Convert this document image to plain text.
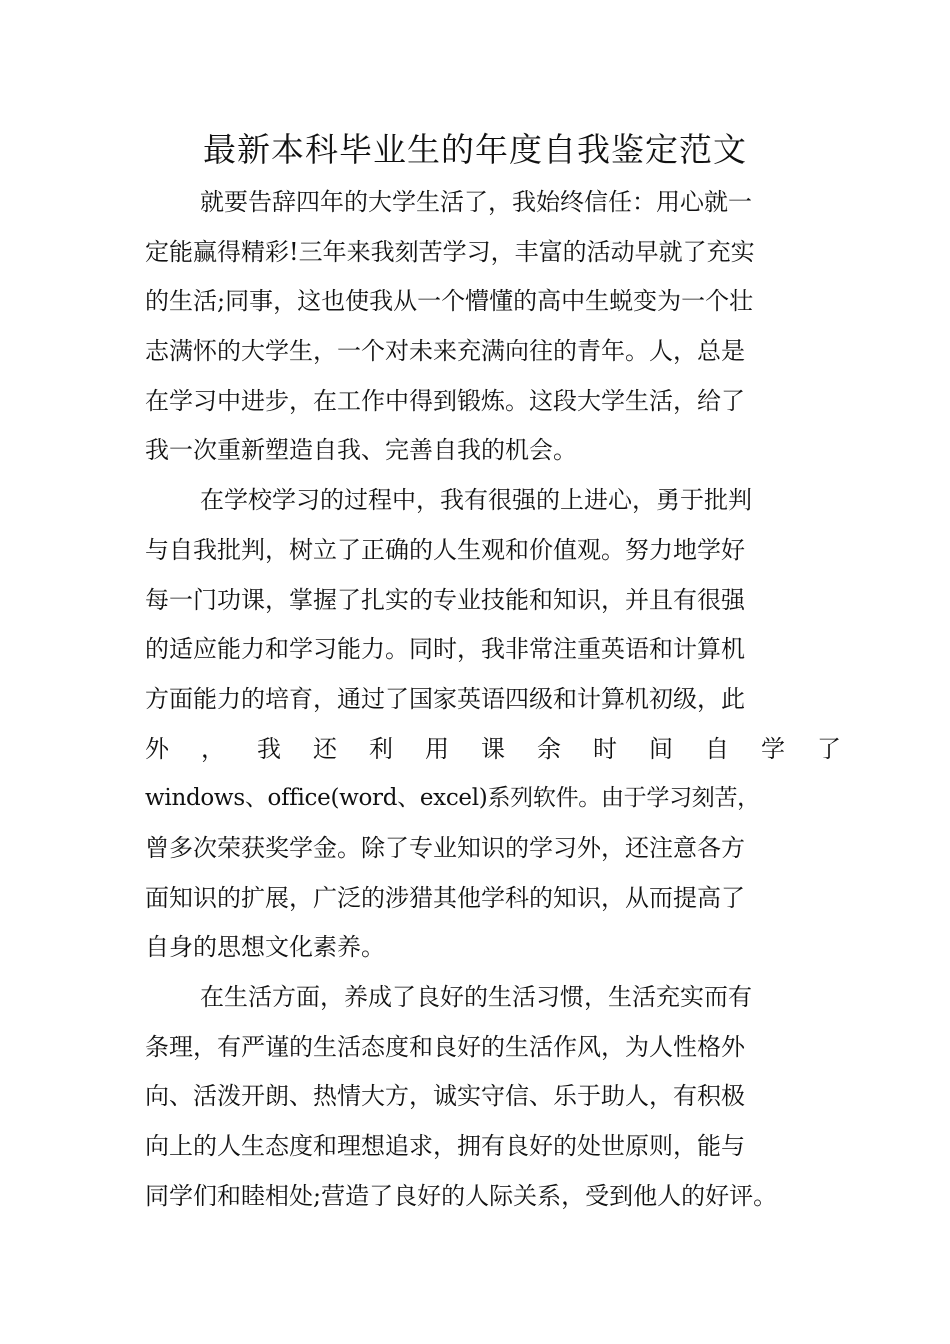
最新本科毕业生的年度自我鉴定范文
就要告辞四年的大学生活了，我始终信任：用心就一
定能赢得精彩!三年来我刻苦学习，丰富的活动早就了充实
的生活;同事，这也使我从一个懵懂的高中生蜕变为一个壮
志满怀的大学生，一个对未来充满向往的青年。人，总是
在学习中进步，在工作中得到锻炼。这段大学生活，给了
我一次重新塑造自我、完善自我的机会。
在学校学习的过程中，我有很强的上进心，勇于批判
与自我批判，树立了正确的人生观和价值观。努力地学好
每一门功课，掌握了扎实的专业技能和知识，并且有很强
的适应能力和学习能力。同时，我非常注重英语和计算机
方面能力的培育，通过了国家英语四级和计算机初级，此
外，我还利用课余时间自学了
windows、office(word、excel)系列软件。由于学习刻苦，
曾多次荣获奖学金。除了专业知识的学习外，还注意各方
面知识的扩展，广泛的涉猎其他学科的知识，从而提高了
自身的思想文化素养。
在生活方面，养成了良好的生活习惯，生活充实而有
条理，有严谨的生活态度和良好的生活作风，为人性格外
向、活泼开朗、热情大方，诚实守信、乐于助人，有积极
向上的人生态度和理想追求，拥有良好的处世原则，能与
同学们和睦相处;营造了良好的人际关系，受到他人的好评。
